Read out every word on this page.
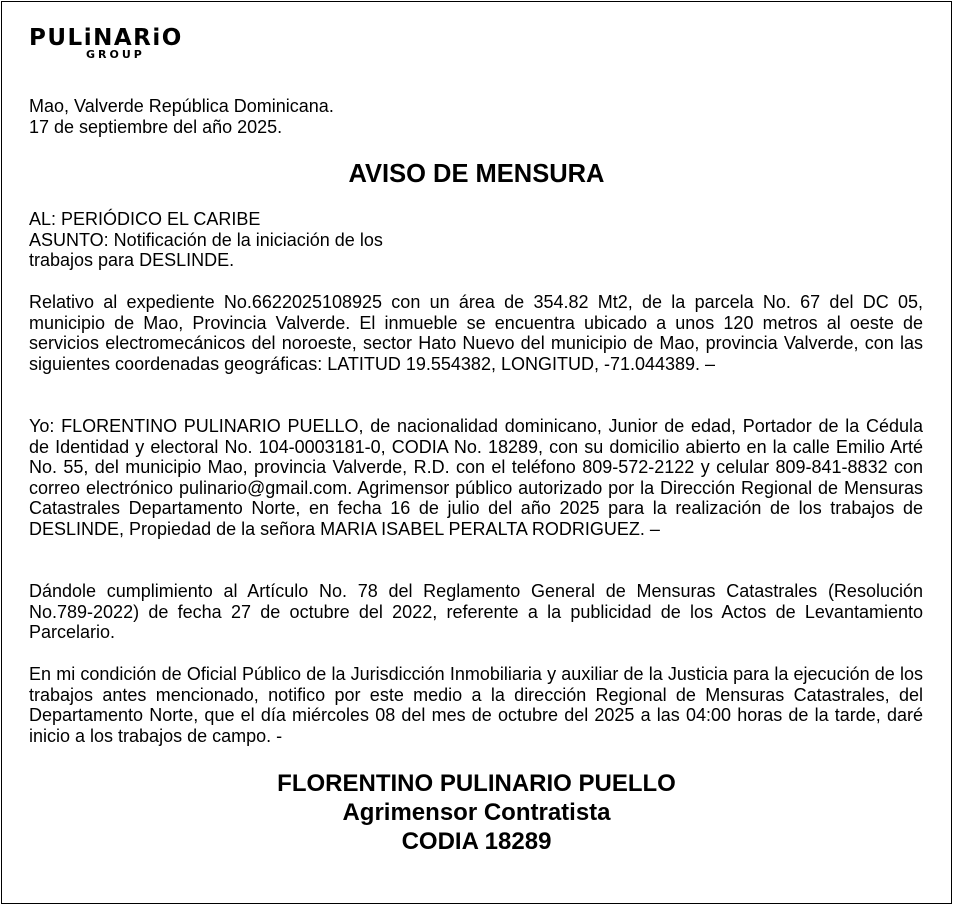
PULiNARiO
GROUP
Mao, Valverde República Dominicana.
17 de septiembre del año 2025.
AVISO DE MENSURA
AL: PERIÓDICO EL CARIBE
ASUNTO: Notificación de la iniciación de los
trabajos para DESLINDE.
Relativo al expediente No.6622025108925 con un área de 354.82 Mt2, de la parcela No. 67 del DC 05, municipio de Mao, Provincia Valverde. El inmueble se encuentra ubicado a unos 120 metros al oeste de servicios electromecánicos del noroeste, sector Hato Nuevo del municipio de Mao, provincia Valverde, con las siguientes coordenadas geográficas: LATITUD 19.554382, LONGITUD, -71.044389. –
Yo: FLORENTINO PULINARIO PUELLO, de nacionalidad dominicano, Junior de edad, Portador de la Cédula de Identidad y electoral No. 104-0003181-0, CODIA No. 18289, con su domicilio abierto en la calle Emilio Arté No. 55, del municipio Mao, provincia Valverde, R.D. con el teléfono 809-572-2122 y celular 809-841-8832 con correo electrónico pulinario@gmail.com. Agrimensor público autorizado por la Dirección Regional de Mensuras Catastrales Departamento Norte, en fecha 16 de julio del año 2025 para la realización de los trabajos de DESLINDE, Propiedad de la señora MARIA ISABEL PERALTA RODRIGUEZ. –
Dándole cumplimiento al Artículo No. 78 del Reglamento General de Mensuras Catastrales (Resolución No.789-2022) de fecha 27 de octubre del 2022, referente a la publicidad de los Actos de Levantamiento Parcelario.
En mi condición de Oficial Público de la Jurisdicción Inmobiliaria y auxiliar de la Justicia para la ejecución de los trabajos antes mencionado, notifico por este medio a la dirección Regional de Mensuras Catastrales, del Departamento Norte, que el día miércoles 08 del mes de octubre del 2025 a las 04:00 horas de la tarde, daré inicio a los trabajos de campo. -
FLORENTINO PULINARIO PUELLO
Agrimensor Contratista
CODIA 18289
